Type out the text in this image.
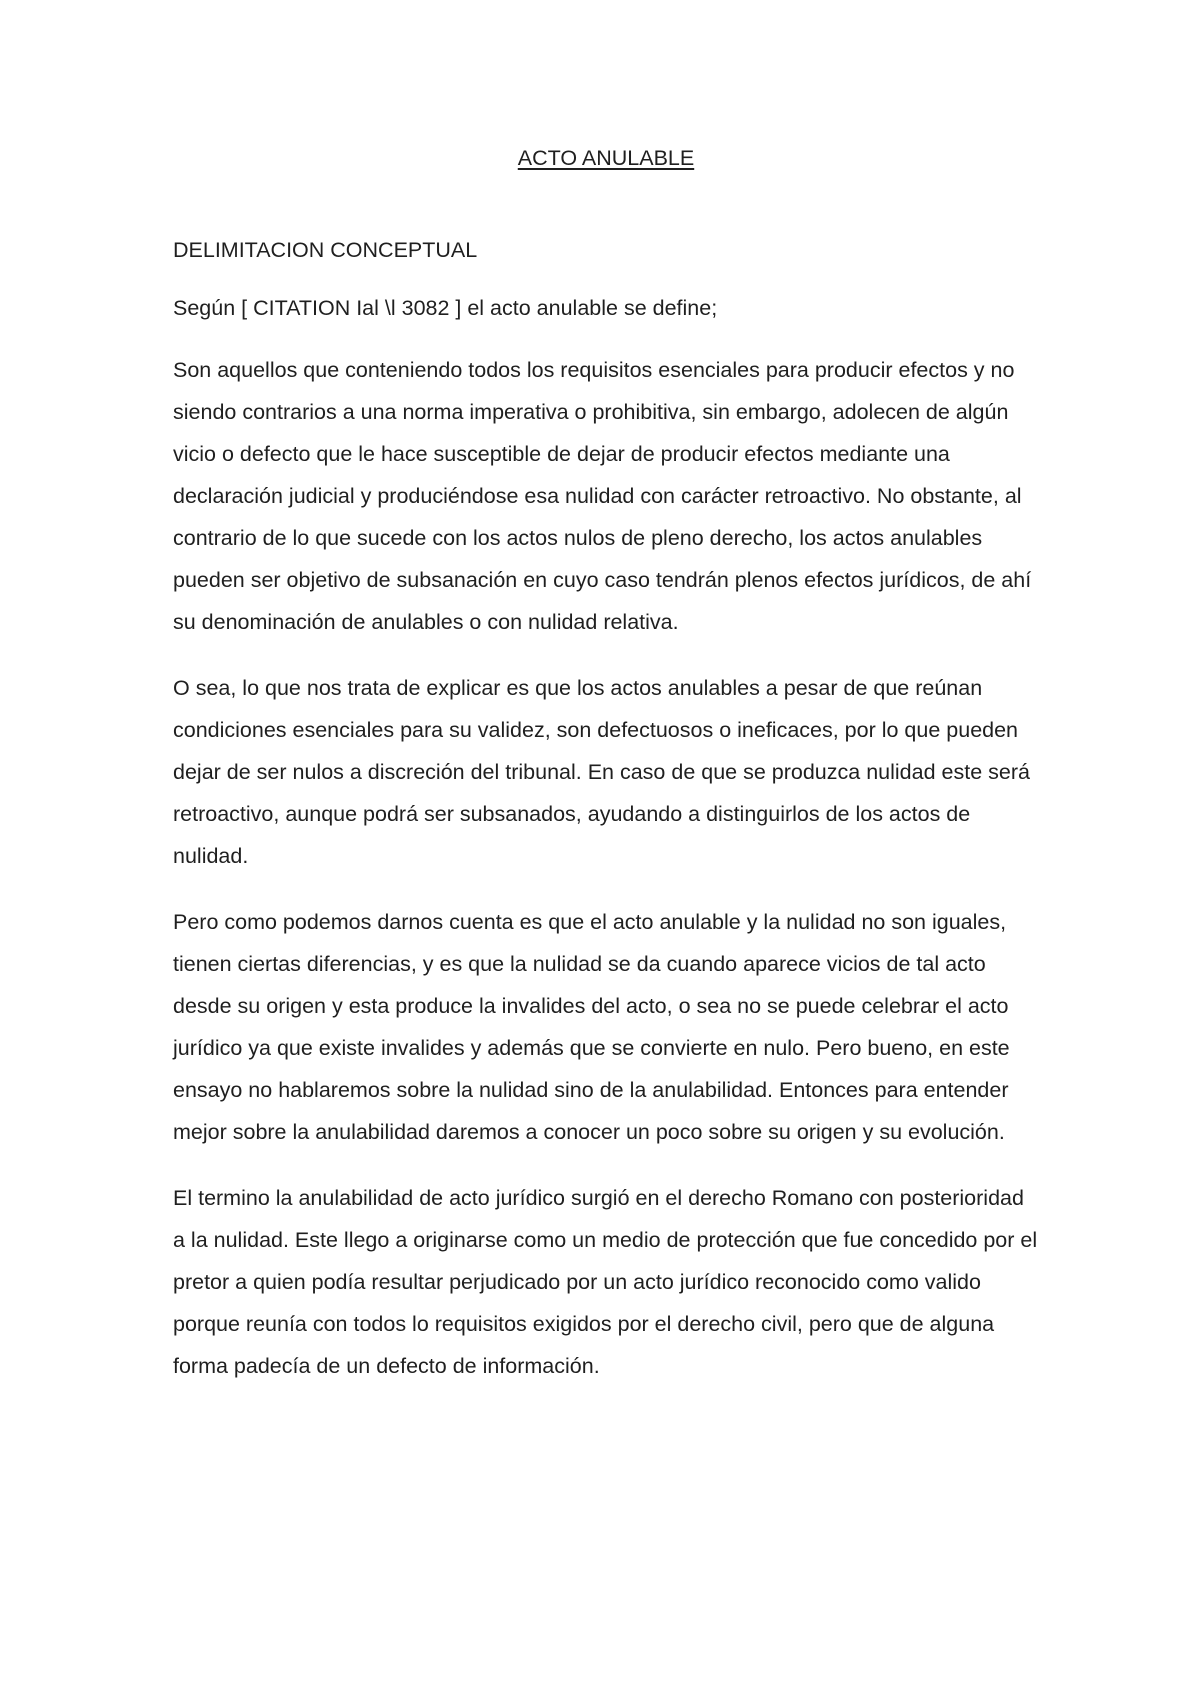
ACTO ANULABLE

DELIMITACION CONCEPTUAL

Según [ CITATION Ial \l 3082 ] el acto anulable se define;

Son aquellos que conteniendo todos los requisitos esenciales para producir efectos y no siendo contrarios a una norma imperativa o prohibitiva, sin embargo, adolecen de algún vicio o defecto que le hace susceptible de dejar de producir efectos mediante una declaración judicial y produciéndose esa nulidad con carácter retroactivo. No obstante, al contrario de lo que sucede con los actos nulos de pleno derecho, los actos anulables pueden ser objetivo de subsanación en cuyo caso tendrán plenos efectos jurídicos, de ahí su denominación de anulables o con nulidad relativa.

O sea, lo que nos trata de explicar es que los actos anulables a pesar de que reúnan condiciones esenciales para su validez, son defectuosos o ineficaces, por lo que pueden dejar de ser nulos a discreción del tribunal. En caso de que se produzca nulidad este será retroactivo, aunque podrá ser subsanados, ayudando a distinguirlos de los actos de nulidad.

Pero como podemos darnos cuenta es que el acto anulable y la nulidad no son iguales, tienen ciertas diferencias, y es que la nulidad se da cuando aparece vicios de tal acto desde su origen y esta produce la invalides del acto, o sea no se puede celebrar el acto jurídico ya que existe invalides y además que se convierte en nulo. Pero bueno, en este ensayo no hablaremos sobre la nulidad sino de la anulabilidad. Entonces para entender mejor sobre la anulabilidad daremos a conocer un poco sobre su origen y su evolución.

El termino la anulabilidad de acto jurídico surgió en el derecho Romano con posterioridad a la nulidad. Este llego a originarse como un medio de protección que fue concedido por el pretor a quien podía resultar perjudicado por un acto jurídico reconocido como valido porque reunía con todos lo requisitos exigidos por el derecho civil, pero que de alguna forma padecía de un defecto de información.
